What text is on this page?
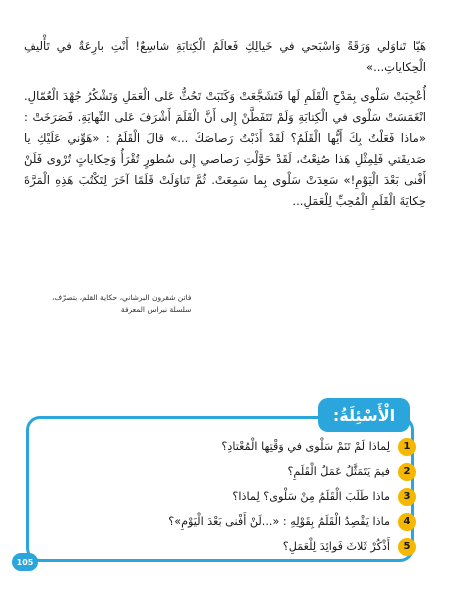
هَيّا تَناوَلي وَرَقَةً وَاسْبَحي في خَيالِكِ فَعالَمُ الْكِتابَةِ شاسِعٌ! أَنْتِ بارِعَةٌ في تَأْليفِ الْحِكاياتِ...»

أُعْجِبَتْ سَلْوى بِمَدْحِ الْقَلَمِ لَها فَتَشَجَّعَتْ وَكَتَبَتْ تَحُثُّ عَلى الْعَمَلِ وَتَشْكُرُ جُهْدَ الْعُمّالِ. انْغَمَسَتْ سَلْوى في الْكِتابَةِ وَلَمْ تَتَفَطَّنْ إِلى أَنَّ الْقَلَمَ أَشْرَفَ عَلى النِّهايَةِ. فَصَرَخَتْ : «ماذا فَعَلْتُ بِكَ أَيُّها الْقَلَمُ؟ لَقَدْ أَذَبْتُ رَصاصَكَ ...» قالَ الْقَلَمُ : «هَوِّني عَلَيْكِ يا صَديقَتي فَلِمِثْلِ هَذا صُنِعْتُ، لَقَدْ حَوَّلْتِ رَصاصي إِلى سُطورٍ تُقْرَأُ وَحِكاياتٍ تُرْوى فَلَنْ أَفْنى بَعْدَ الْيَوْمِ!» سَعِدَتْ سَلْوى بِما سَمِعَتْ. ثُمَّ تَناوَلَتْ قَلَمًا آخَرَ لِتَكْتُبَ هَذِهِ الْمَرَّةَ حِكايَةَ الْقَلَمِ الْمُحِبِّ لِلْعَمَلِ...

فاتن شقرون البرشاني، حكاية القلم، بتصرّف،
سلسلة نبراس المعرفة
الْأَسْئِلَةُ:
1
لِماذا لَمْ تَنَمْ سَلْوى في وَقْتِها الْمُعْتادِ؟
2
فيمَ يَتَمَثَّلُ عَمَلُ الْقَلَمِ؟
3
ماذا طَلَبَ الْقَلَمُ مِنْ سَلْوى؟ لِماذا؟
4
ماذا يَقْصِدُ الْقَلَمُ بِقَوْلِهِ : «...لَنْ أَفْنى بَعْدَ الْيَوْمِ»؟
5
أَذْكُرْ ثَلاثَ فَوائِدَ لِلْعَمَلِ؟
105
